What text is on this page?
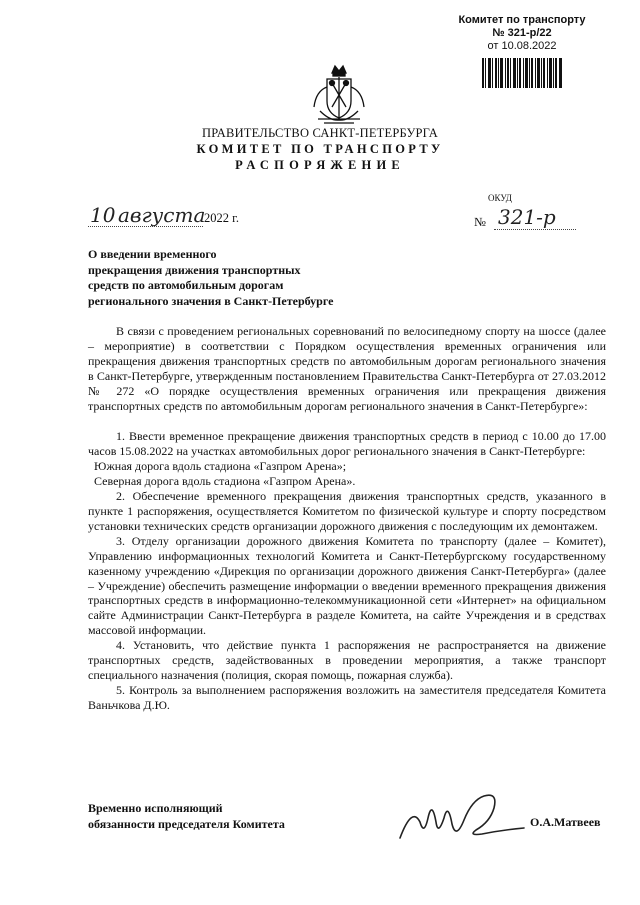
Комитет по транспорту
№ 321-р/22
от 10.08.2022
ПРАВИТЕЛЬСТВО САНКТ-ПЕТЕРБУРГА
КОМИТЕТ ПО ТРАНСПОРТУ
РАСПОРЯЖЕНИЕ
ОКУД
10 августа
2022 г.	№ 321-р
О введении временного
прекращения движения транспортных
средств по автомобильным дорогам
регионального значения в Санкт-Петербурге

В связи с проведением региональных соревнований по велосипедному спорту на шоссе (далее – мероприятие) в соответствии с Порядком осуществления временных ограничения или прекращения движения транспортных средств по автомобильным дорогам регионального значения в Санкт-Петербурге, утвержденным постановлением Правительства Санкт-Петербурга от 27.03.2012 № 272 «О порядке осуществления временных ограничения или прекращения движения транспортных средств по автомобильным дорогам регионального значения в Санкт-Петербурге»:

1. Ввести временное прекращение движения транспортных средств в период с 10.00 до 17.00 часов 15.08.2022 на участках автомобильных дорог регионального значения в Санкт-Петербурге:

Южная дорога вдоль стадиона «Газпром Арена»;

Северная дорога вдоль стадиона «Газпром Арена».

2. Обеспечение временного прекращения движения транспортных средств, указанного в пункте 1 распоряжения, осуществляется Комитетом по физической культуре и спорту посредством установки технических средств организации дорожного движения с последующим их демонтажем.

3. Отделу организации дорожного движения Комитета по транспорту (далее – Комитет), Управлению информационных технологий Комитета и Санкт-Петербургскому государственному казенному учреждению «Дирекция по организации дорожного движения Санкт-Петербурга» (далее – Учреждение) обеспечить размещение информации о введении временного прекращения движения транспортных средств в информационно-телекоммуникационной сети «Интернет» на официальном сайте Администрации Санкт-Петербурга в разделе Комитета, на сайте Учреждения и в средствах массовой информации.

4. Установить, что действие пункта 1 распоряжения не распространяется на движение транспортных средств, задействованных в проведении мероприятия, а также транспорт специального назначения (полиция, скорая помощь, пожарная служба).

5. Контроль за выполнением распоряжения возложить на заместителя председателя Комитета Ваньчкова Д.Ю.

Временно исполняющий
обязанности председателя Комитета	О.А.Матвеев
